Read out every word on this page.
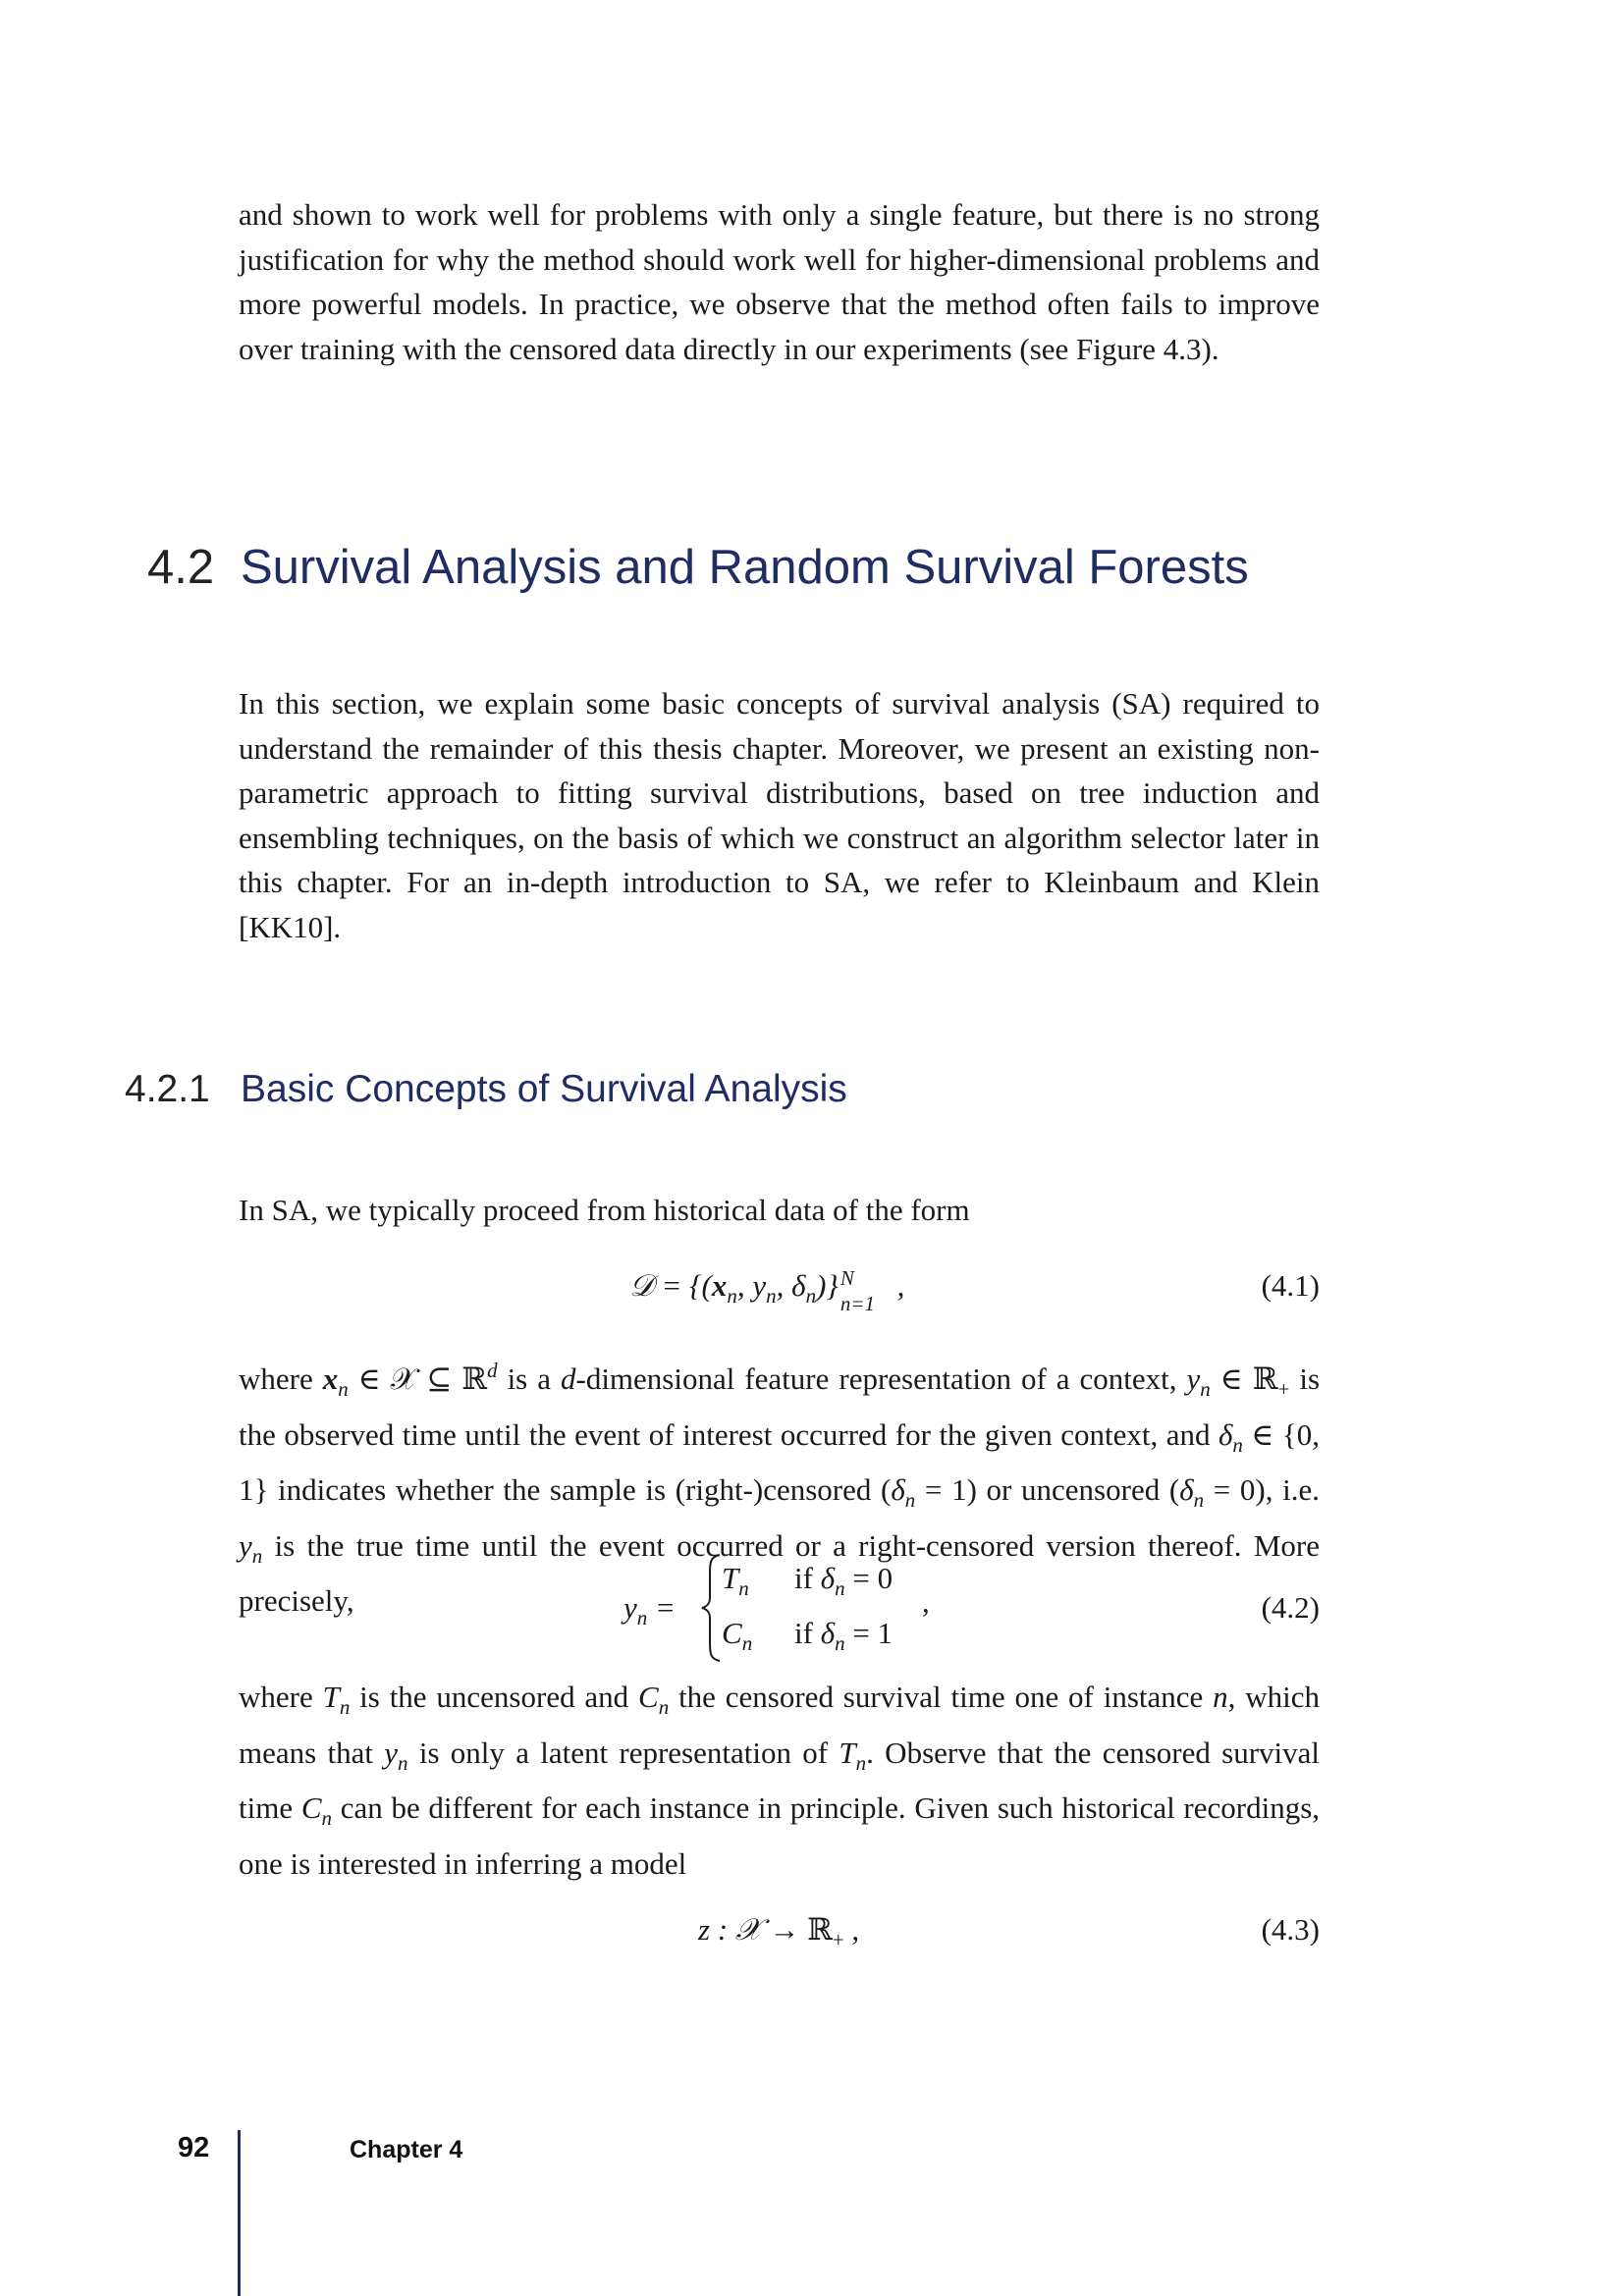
and shown to work well for problems with only a single feature, but there is no strong justification for why the method should work well for higher-dimensional problems and more powerful models. In practice, we observe that the method often fails to improve over training with the censored data directly in our experiments (see Figure 4.3).

4.2 Survival Analysis and Random Survival Forests

In this section, we explain some basic concepts of survival analysis (SA) required to understand the remainder of this thesis chapter. Moreover, we present an existing non-parametric approach to fitting survival distributions, based on tree induction and ensembling techniques, on the basis of which we construct an algorithm selector later in this chapter. For an in-depth introduction to SA, we refer to Kleinbaum and Klein [KK10].

4.2.1 Basic Concepts of Survival Analysis

In SA, we typically proceed from historical data of the form

𝒟 = {($x_n$, $y_n$, $\delta_n$)} N
n=1
,	(4.1)

where $x_n$ ∈ 𝒳 ⊆ ℝ$^d$ is a d-dimensional feature representation of a context, $y_n$ ∈ ℝ$_+$ is the observed time until the event of interest occurred for the given context, and $\delta_n$ ∈ {0, 1} indicates whether the sample is (right-)censored $(\delta_n = 1)$ or uncensored $(\delta_n = 0)$, i.e. $y_n$ is the true time until the event occurred or a right-censored version thereof. More precisely,	$y_n$ =
$T_n$ if $\delta_n = 0$
$C_n$ if $\delta_n = 1$
,	(4.2)

where $T_n$ is the uncensored and $C_n$ the censored survival time one of instance n, which means that $y_n$ is only a latent representation of $T_n$. Observe that the censored survival time $C_n$ can be different for each instance in principle. Given such historical recordings, one is interested in inferring a model

z : 𝒳 → ℝ$_+$ ,	(4.3)
92	Chapter 4
